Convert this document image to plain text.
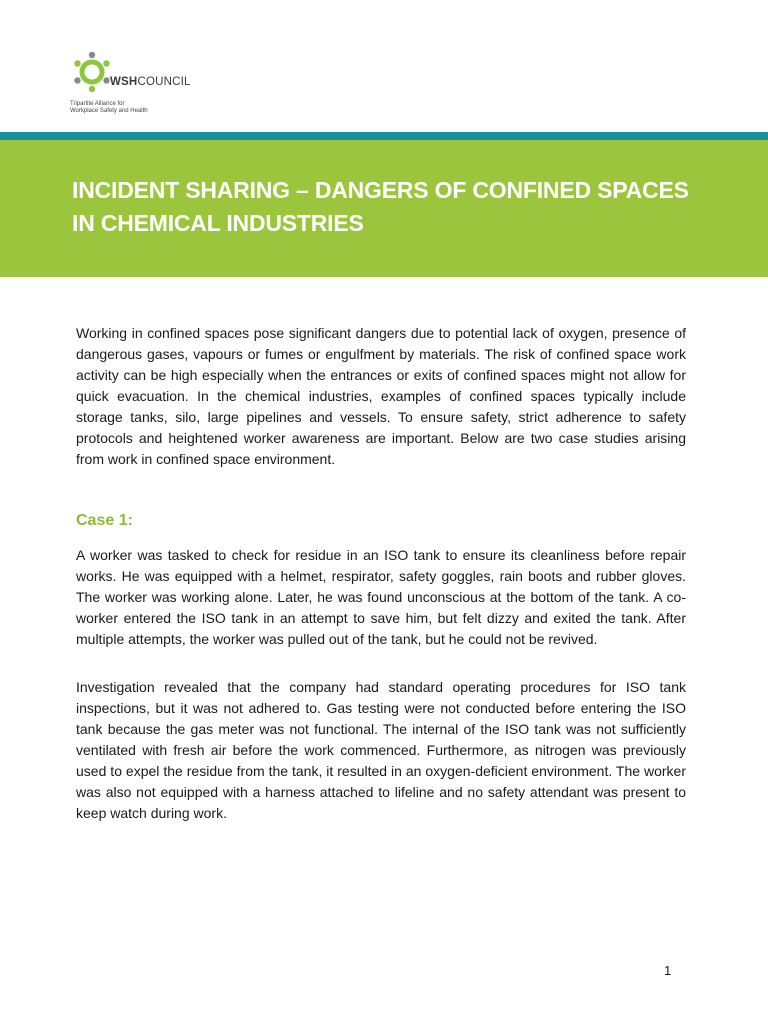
WSHCOUNCIL
Tripartite Alliance for
Workplace Safety and Health
INCIDENT SHARING – DANGERS OF CONFINED SPACES
IN CHEMICAL INDUSTRIES

Working in confined spaces pose significant dangers due to potential lack of oxygen, presence of dangerous gases, vapours or fumes or engulfment by materials. The risk of confined space work activity can be high especially when the entrances or exits of confined spaces might not allow for quick evacuation. In the chemical industries, examples of confined spaces typically include storage tanks, silo, large pipelines and vessels. To ensure safety, strict adherence to safety protocols and heightened worker awareness are important. Below are two case studies arising from work in confined space environment.

Case 1:

A worker was tasked to check for residue in an ISO tank to ensure its cleanliness before repair works. He was equipped with a helmet, respirator, safety goggles, rain boots and rubber gloves. The worker was working alone. Later, he was found unconscious at the bottom of the tank. A co-worker entered the ISO tank in an attempt to save him, but felt dizzy and exited the tank. After multiple attempts, the worker was pulled out of the tank, but he could not be revived.

Investigation revealed that the company had standard operating procedures for ISO tank inspections, but it was not adhered to. Gas testing were not conducted before entering the ISO tank because the gas meter was not functional. The internal of the ISO tank was not sufficiently ventilated with fresh air before the work commenced. Furthermore, as nitrogen was previously used to expel the residue from the tank, it resulted in an oxygen-deficient environment. The worker was also not equipped with a harness attached to lifeline and no safety attendant was present to keep watch during work.

1
